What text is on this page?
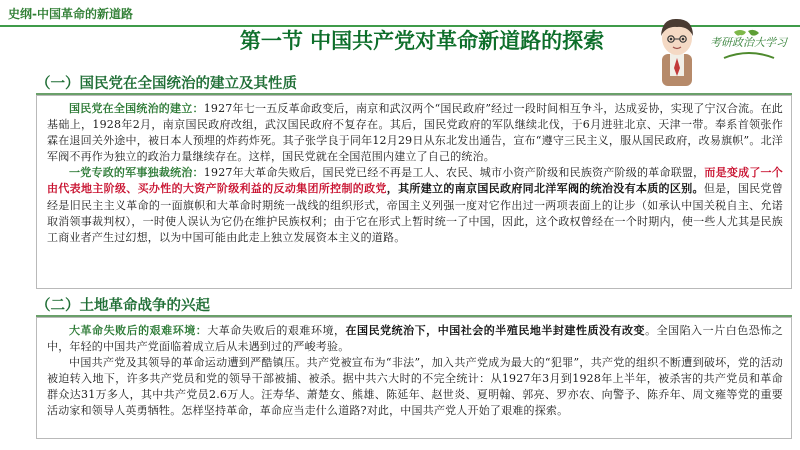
史纲-中国革命的新道路
第一节 中国共产党对革命新道路的探索	考研政治大学习
（一）国民党在全国统治的建立及其性质

国民党在全国统治的建立：1927年七一五反革命政变后，南京和武汉两个“国民政府”经过一段时间相互争斗，达成妥协，实现了宁汉合流。在此基础上，1928年2月，南京国民政府改组，武汉国民政府不复存在。其后，国民党政府的军队继续北伐，于6月进驻北京、天津一带。奉系首领张作霖在退回关外途中，被日本人预埋的炸药炸死。其子张学良于同年12月29日从东北发出通告，宣布“遵守三民主义，服从国民政府，改易旗帜”。北洋军阀不再作为独立的政治力量继续存在。这样，国民党就在全国范围内建立了自己的统治。

一党专政的军事独裁统治：1927年大革命失败后，国民党已经不再是工人、农民、城市小资产阶级和民族资产阶级的革命联盟，而是变成了一个由代表地主阶级、买办性的大资产阶级利益的反动集团所控制的政党，其所建立的南京国民政府同北洋军阀的统治没有本质的区别。但是，国民党曾经是旧民主主义革命的一面旗帜和大革命时期统一战线的组织形式，帝国主义列强一度对它作出过一两项表面上的让步（如承认中国关税自主、允诺取消领事裁判权），一时使人误认为它仍在维护民族权利；由于它在形式上暂时统一了中国，因此，这个政权曾经在一个时期内，使一些人尤其是民族工商业者产生过幻想，以为中国可能由此走上独立发展资本主义的道路。

（二）土地革命战争的兴起

大革命失败后的艰难环境：大革命失败后的艰难环境，在国民党统治下，中国社会的半殖民地半封建性质没有改变。全国陷入一片白色恐怖之中，年轻的中国共产党面临着成立后从未遇到过的严峻考验。

中国共产党及其领导的革命运动遭到严酷镇压。共产党被宣布为“非法”，加入共产党成为最大的“犯罪”，共产党的组织不断遭到破坏，党的活动被迫转入地下，许多共产党员和党的领导干部被捕、被杀。据中共六大时的不完全统计：从1927年3月到1928年上半年，被杀害的共产党员和革命群众达31万多人，其中共产党员2.6万人。汪寿华、萧楚女、熊雄、陈延年、赵世炎、夏明翰、郭亮、罗亦农、向警予、陈乔年、周文雍等党的重要活动家和领导人英勇牺牲。怎样坚持革命，革命应当走什么道路?对此，中国共产党人开始了艰难的探索。
